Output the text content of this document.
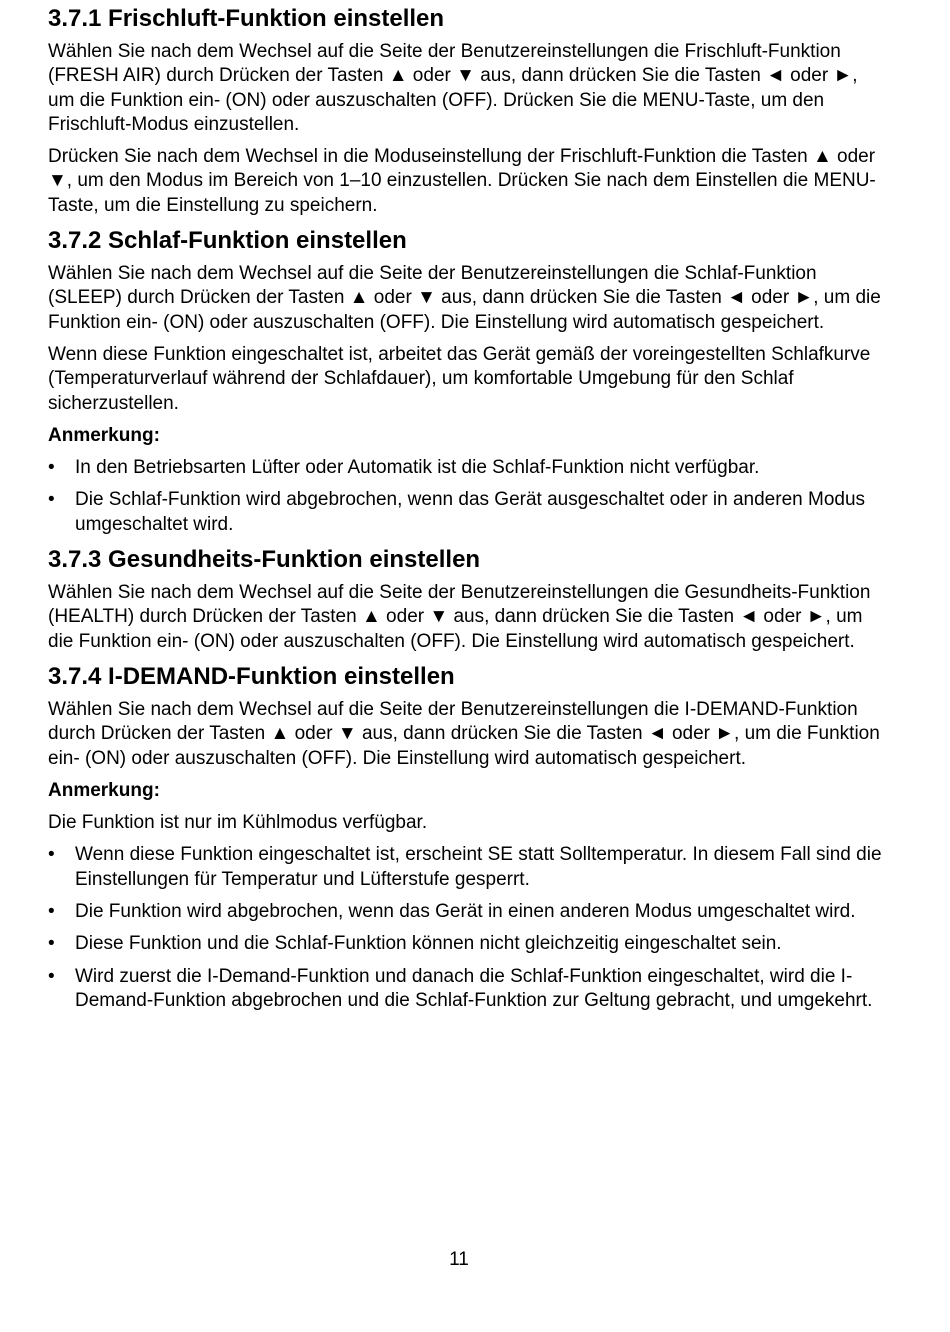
3.7.1 Frischluft-Funktion einstellen

Wählen Sie nach dem Wechsel auf die Seite der Benutzereinstellungen die Frischluft-Funktion (FRESH AIR) durch Drücken der Tasten ▲ oder ▼ aus, dann drücken Sie die Tasten ◄ oder ►, um die Funktion ein- (ON) oder auszuschalten (OFF). Drücken Sie die MENU-Taste, um den Frischluft-Modus einzustellen.

Drücken Sie nach dem Wechsel in die Moduseinstellung der Frischluft-Funktion die Tasten ▲ oder ▼, um den Modus im Bereich von 1–10 einzustellen. Drücken Sie nach dem Einstellen die MENU-Taste, um die Einstellung zu speichern.

3.7.2 Schlaf-Funktion einstellen

Wählen Sie nach dem Wechsel auf die Seite der Benutzereinstellungen die Schlaf-Funktion (SLEEP) durch Drücken der Tasten ▲ oder ▼ aus, dann drücken Sie die Tasten ◄ oder ►, um die Funktion ein- (ON) oder auszuschalten (OFF). Die Einstellung wird automatisch gespeichert.

Wenn diese Funktion eingeschaltet ist, arbeitet das Gerät gemäß der voreingestellten Schlafkurve (Temperaturverlauf während der Schlafdauer), um komfortable Umgebung für den Schlaf sicherzustellen.

Anmerkung:
•	In den Betriebsarten Lüfter oder Automatik ist die Schlaf-Funktion nicht verfügbar.
•	Die Schlaf-Funktion wird abgebrochen, wenn das Gerät ausgeschaltet oder in anderen Modus umgeschaltet wird.
3.7.3 Gesundheits-Funktion einstellen

Wählen Sie nach dem Wechsel auf die Seite der Benutzereinstellungen die Gesundheits-Funktion (HEALTH) durch Drücken der Tasten ▲ oder ▼ aus, dann drücken Sie die Tasten ◄ oder ►, um die Funktion ein- (ON) oder auszuschalten (OFF). Die Einstellung wird automatisch gespeichert.

3.7.4 I-DEMAND-Funktion einstellen

Wählen Sie nach dem Wechsel auf die Seite der Benutzereinstellungen die I-DEMAND-Funktion durch Drücken der Tasten ▲ oder ▼ aus, dann drücken Sie die Tasten ◄ oder ►, um die Funktion ein- (ON) oder auszuschalten (OFF). Die Einstellung wird automatisch gespeichert.

Anmerkung:

Die Funktion ist nur im Kühlmodus verfügbar.

•	Wenn diese Funktion eingeschaltet ist, erscheint SE statt Solltemperatur. In diesem Fall sind die Einstellungen für Temperatur und Lüfterstufe gesperrt.
•	Die Funktion wird abgebrochen, wenn das Gerät in einen anderen Modus umgeschaltet wird.
•	Diese Funktion und die Schlaf-Funktion können nicht gleichzeitig eingeschaltet sein.
•	Wird zuerst die I-Demand-Funktion und danach die Schlaf-Funktion eingeschaltet, wird die I-Demand-Funktion abgebrochen und die Schlaf-Funktion zur Geltung gebracht, und umgekehrt.
11
